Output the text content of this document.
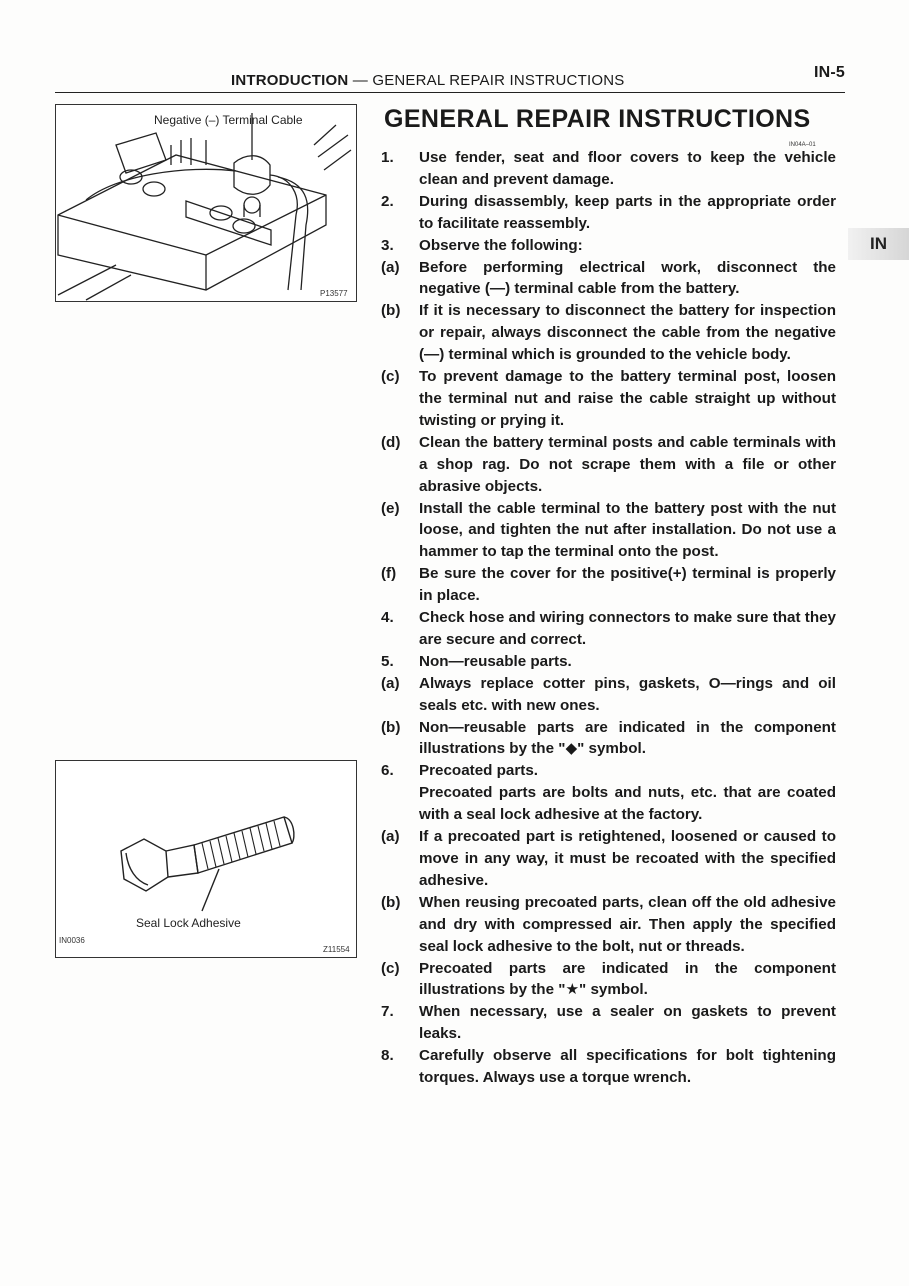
INTRODUCTION — GENERAL REPAIR INSTRUCTIONS	IN-5
IN
Negative (–) Terminal Cable
P13577
Seal Lock Adhesive
Z11554
IN0036
GENERAL REPAIR INSTRUCTIONS
IN04A–01

1. Use fender, seat and floor covers to keep the vehicle clean and prevent damage.

2. During disassembly, keep parts in the appropriate order to facilitate reassembly.

3. Observe the following:

(a) Before performing electrical work, disconnect the negative (—) terminal cable from the battery.

(b) If it is necessary to disconnect the battery for inspection or repair, always disconnect the cable from the negative (—) terminal which is grounded to the vehicle body.

(c) To prevent damage to the battery terminal post, loosen the terminal nut and raise the cable straight up without twisting or prying it.

(d) Clean the battery terminal posts and cable terminals with a shop rag. Do not scrape them with a file or other abrasive objects.

(e) Install the cable terminal to the battery post with the nut loose, and tighten the nut after installation. Do not use a hammer to tap the terminal onto the post.

(f) Be sure the cover for the positive(+) terminal is properly in place.

4. Check hose and wiring connectors to make sure that they are secure and correct.

5. Non—reusable parts.

(a) Always replace cotter pins, gaskets, O—rings and oil seals etc. with new ones.

(b) Non—reusable parts are indicated in the component illustrations by the "◆" symbol.

6. Precoated parts.

Precoated parts are bolts and nuts, etc. that are coated with a seal lock adhesive at the factory.

(a) If a precoated part is retightened, loosened or caused to move in any way, it must be recoated with the specified adhesive.

(b) When reusing precoated parts, clean off the old adhesive and dry with compressed air. Then apply the specified seal lock adhesive to the bolt, nut or threads.

(c) Precoated parts are indicated in the component illustrations by the "★" symbol.

7. When necessary, use a sealer on gaskets to prevent leaks.

8. Carefully observe all specifications for bolt tightening torques. Always use a torque wrench.
